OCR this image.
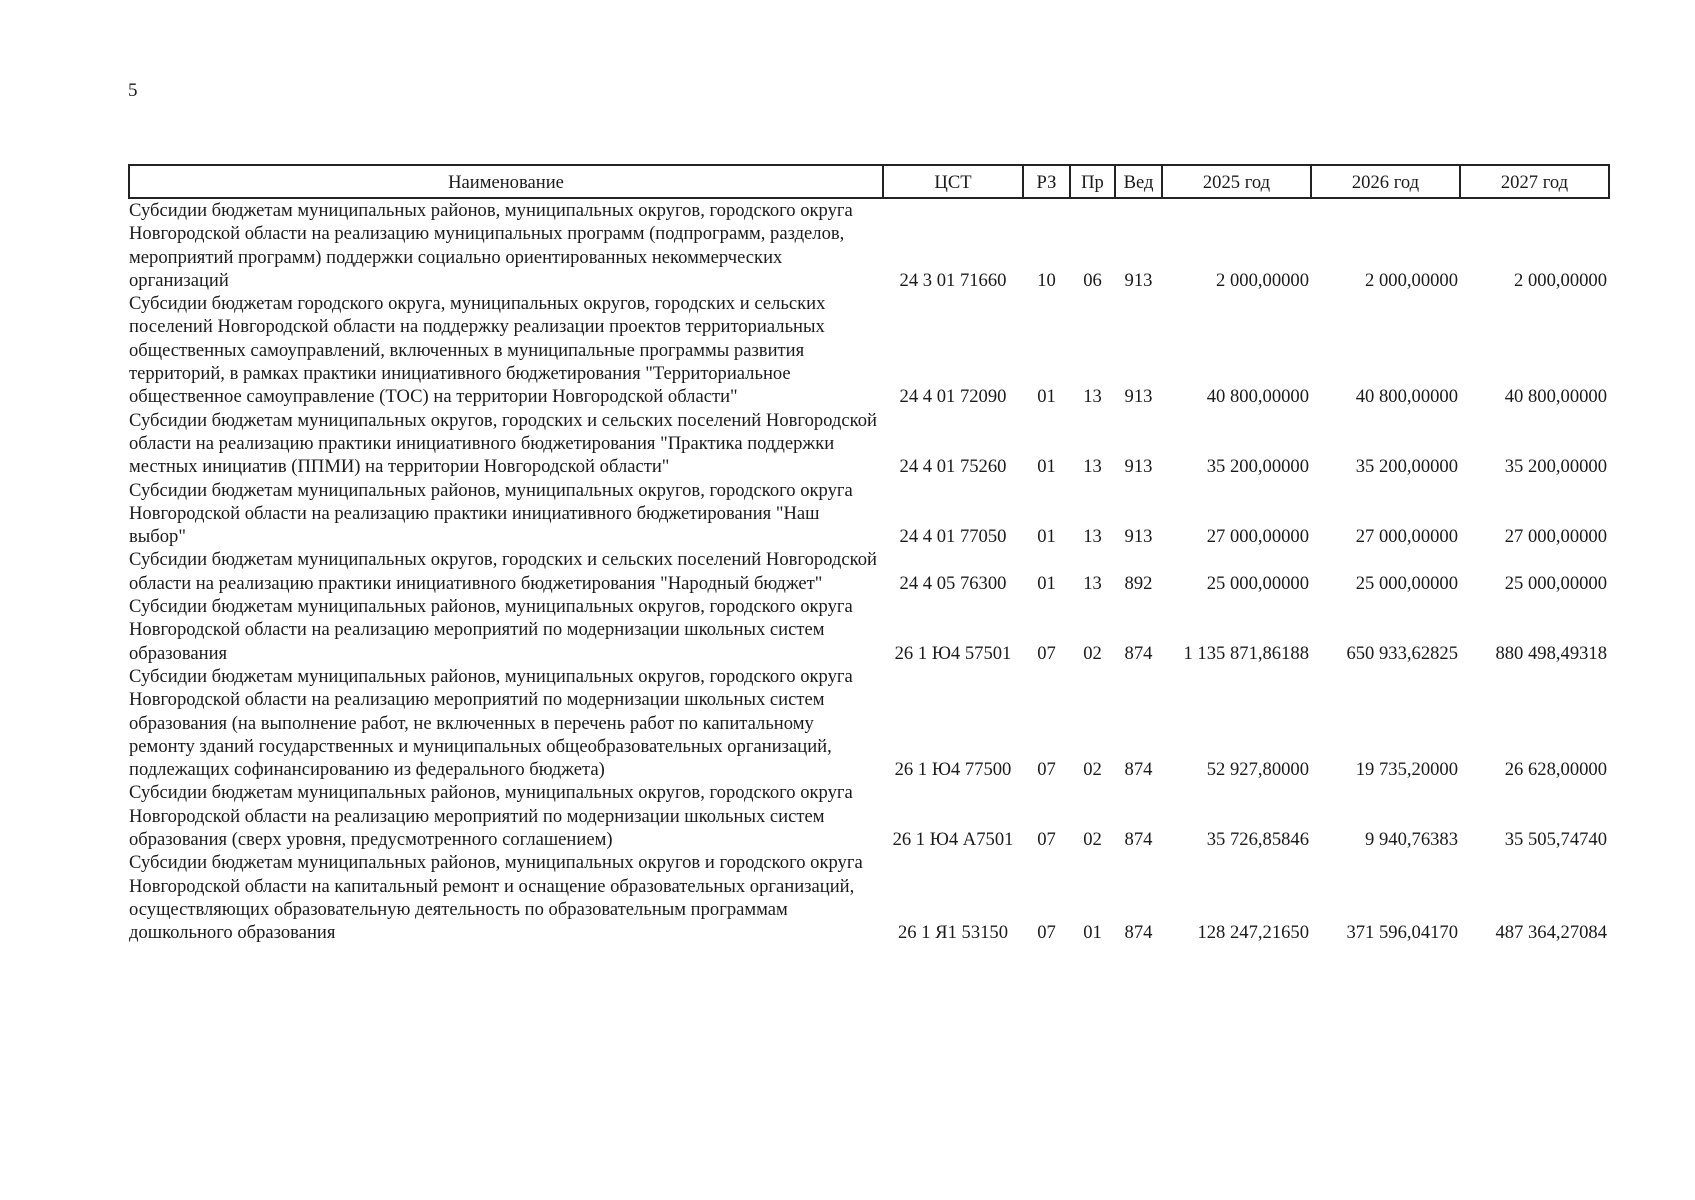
5
Наименование	ЦСТ	РЗ	Пр	Вед	2025 год	2026 год	2027 год
Субсидии бюджетам муниципальных районов, муниципальных округов, городского округа Новгородской области на реализацию муниципальных программ (подпрограмм, разделов, мероприятий программ) поддержки социально ориентированных некоммерческих организаций	24 3 01 71660	10	06	913	2 000,00000	2 000,00000	2 000,00000
Субсидии бюджетам городского округа, муниципальных округов, городских и сельских поселений Новгородской области на поддержку реализации проектов территориальных общественных самоуправлений, включенных в муниципальные программы развития территорий, в рамках практики инициативного бюджетирования "Территориальное общественное самоуправление (ТОС) на территории Новгородской области"	24 4 01 72090	01	13	913	40 800,00000	40 800,00000	40 800,00000
Субсидии бюджетам муниципальных округов, городских и сельских поселений Новгородской области на реализацию практики инициативного бюджетирования "Практика поддержки местных инициатив (ППМИ) на территории Новгородской области"	24 4 01 75260	01	13	913	35 200,00000	35 200,00000	35 200,00000
Субсидии бюджетам муниципальных районов, муниципальных округов, городского округа Новгородской области на реализацию практики инициативного бюджетирования "Наш выбор"	24 4 01 77050	01	13	913	27 000,00000	27 000,00000	27 000,00000
Субсидии бюджетам муниципальных округов, городских и сельских поселений Новгородской области на реализацию практики инициативного бюджетирования "Народный бюджет"	24 4 05 76300	01	13	892	25 000,00000	25 000,00000	25 000,00000
Субсидии бюджетам муниципальных районов, муниципальных округов, городского округа Новгородской области на реализацию мероприятий по модернизации школьных систем образования	26 1 Ю4 57501	07	02	874	1 135 871,86188	650 933,62825	880 498,49318
Субсидии бюджетам муниципальных районов, муниципальных округов, городского округа Новгородской области на реализацию мероприятий по модернизации школьных систем образования (на выполнение работ, не включенных в перечень работ по капитальному ремонту зданий государственных и муниципальных общеобразовательных организаций, подлежащих софинансированию из федерального бюджета)	26 1 Ю4 77500	07	02	874	52 927,80000	19 735,20000	26 628,00000
Субсидии бюджетам муниципальных районов, муниципальных округов, городского округа Новгородской области на реализацию мероприятий по модернизации школьных систем образования (сверх уровня, предусмотренного соглашением)	26 1 Ю4 А7501	07	02	874	35 726,85846	9 940,76383	35 505,74740
Субсидии бюджетам муниципальных районов, муниципальных округов и городского округа Новгородской области на капитальный ремонт и оснащение образовательных организаций, осуществляющих образовательную деятельность по образовательным программам дошкольного образования	26 1 Я1 53150	07	01	874	128 247,21650	371 596,04170	487 364,27084
